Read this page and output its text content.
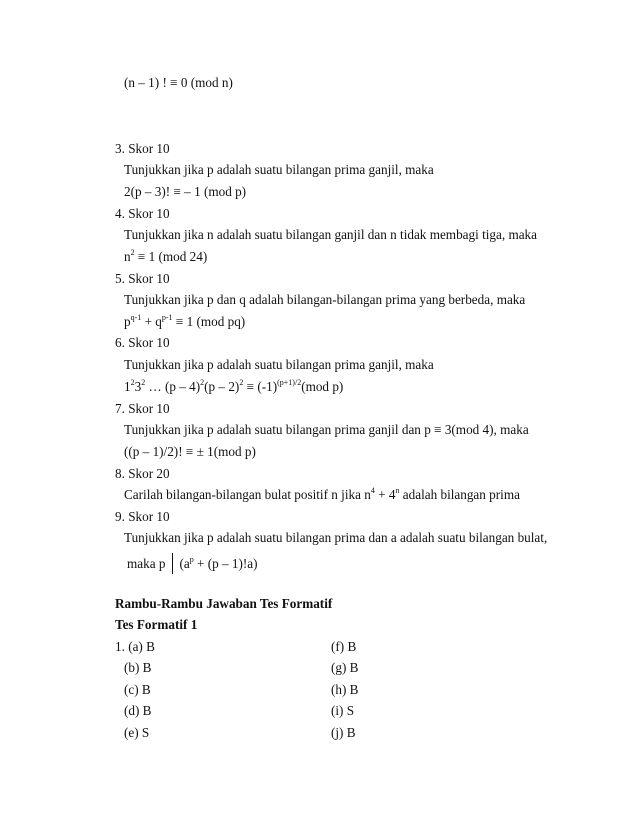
(n – 1) ! ≡ 0 (mod n)
3. Skor 10
Tunjukkan jika p adalah suatu bilangan prima ganjil, maka
2(p – 3)! ≡ – 1 (mod p)
4. Skor 10
Tunjukkan jika n adalah suatu bilangan ganjil dan n tidak membagi tiga, maka
$n^2 \equiv 1$ (mod 24)
5. Skor 10
Tunjukkan jika p dan q adalah bilangan-bilangan prima yang berbeda, maka
$p^{q-1} + q^{p-1} \equiv 1$ (mod pq)
6. Skor 10
Tunjukkan jika p adalah suatu bilangan prima ganjil, maka
$1^23^2$ … $(p - 4)^2(p - 2)^2 \equiv (-1)^{(p+1)/2}(mod$ p)
7. Skor 10
Tunjukkan jika p adalah suatu bilangan prima ganjil dan p ≡ 3(mod 4), maka
((p – 1)/2)! ≡ ± 1(mod p)
8. Skor 20
Carilah bilangan-bilangan bulat positif n jika $n^4 + 4^n$ adalah bilangan prima
9. Skor 10
Tunjukkan jika p adalah suatu bilangan prima dan a adalah suatu bilangan bulat,
maka p $(a^p + (p - 1)!a)$
Rambu-Rambu Jawaban Tes Formatif
Tes Formatif 1
1. (a) B
(b) B
(c) B
(d) B
(e) S
(f) B
(g) B
(h) B
(i) S
(j) B
